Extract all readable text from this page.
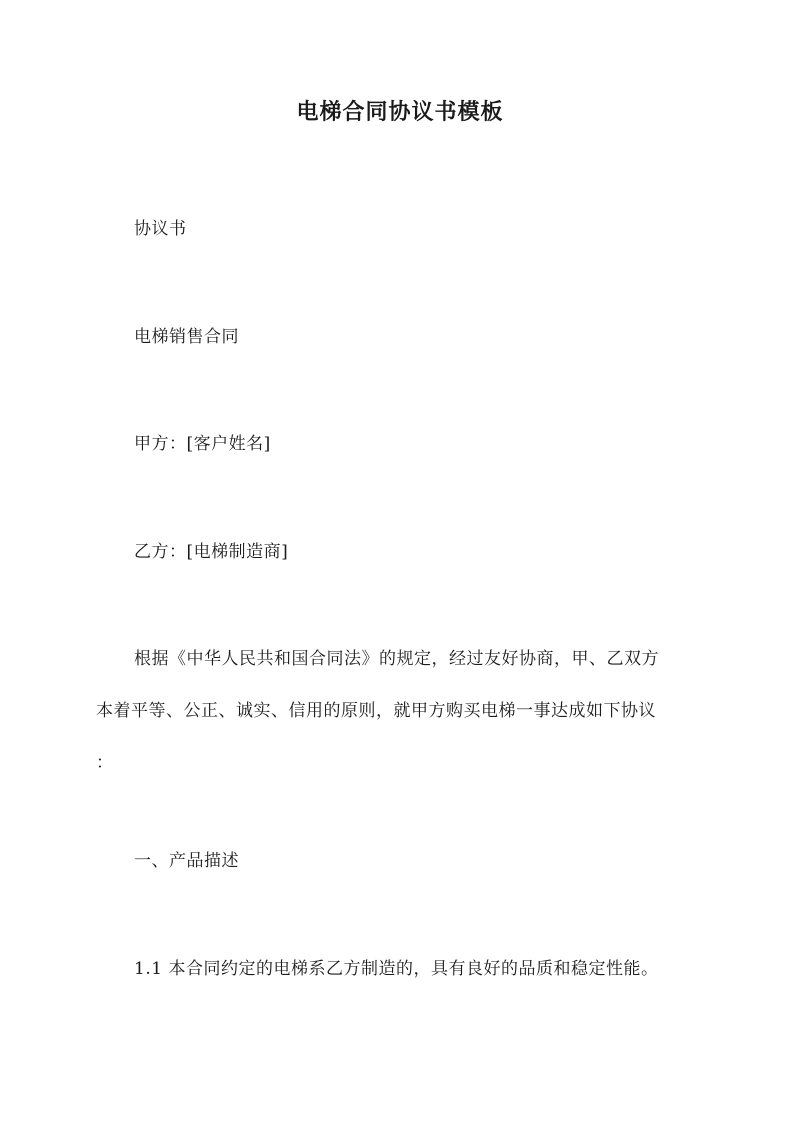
电梯合同协议书模板
协议书
电梯销售合同
甲方：[客户姓名]
乙方：[电梯制造商]
根据《中华人民共和国合同法》的规定，经过友好协商，甲、乙双方
本着平等、公正、诚实、信用的原则，就甲方购买电梯一事达成如下协议
：
一、产品描述
1.1 本合同约定的电梯系乙方制造的，具有良好的品质和稳定性能。
